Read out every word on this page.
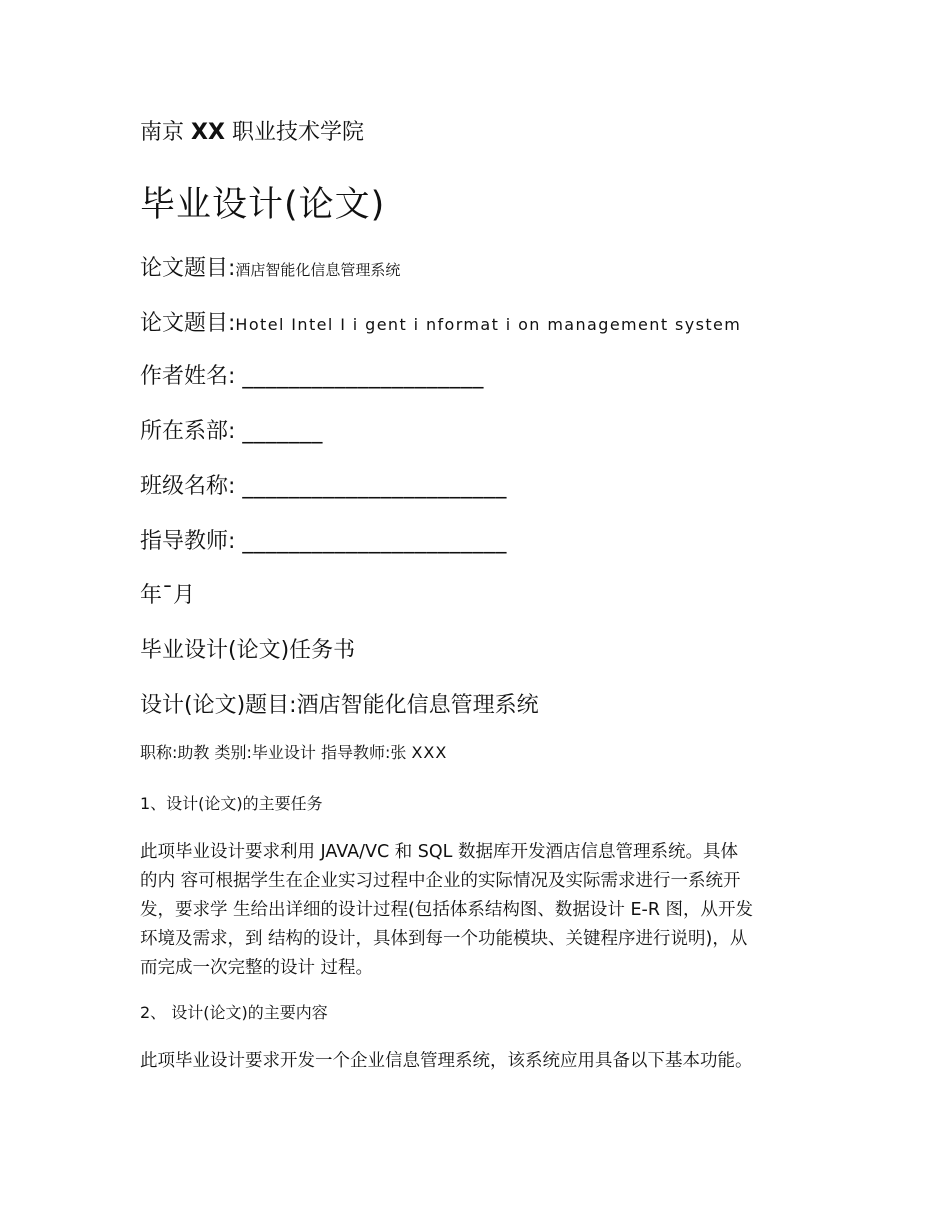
南京 XX 职业技术学院
毕业设计(论文)
论文题目:酒店智能化信息管理系统
论文题目:Hotel Intel I i gent i nformat i on management system
作者姓名: _____________________
所在系部: _______
班级名称: _______________________
指导教师: _______________________
年¯月
毕业设计(论文)任务书
设计(论文)题目:酒店智能化信息管理系统
职称:助教 类别:毕业设计 指导教师:张 XXX
1、设计(论文)的主要任务
此项毕业设计要求利用 JAVA/VC 和 SQL 数据库开发酒店信息管理系统。具体
的内 容可根据学生在企业实习过程中企业的实际情况及实际需求进行一系统开
发，要求学 生给出详细的设计过程(包括体系结构图、数据设计 E-R 图，从开发
环境及需求，到 结构的设计，具体到每一个功能模块、关键程序进行说明)，从
而完成一次完整的设计 过程。
2、 设计(论文)的主要内容
此项毕业设计要求开发一个企业信息管理系统，该系统应用具备以下基本功能。
